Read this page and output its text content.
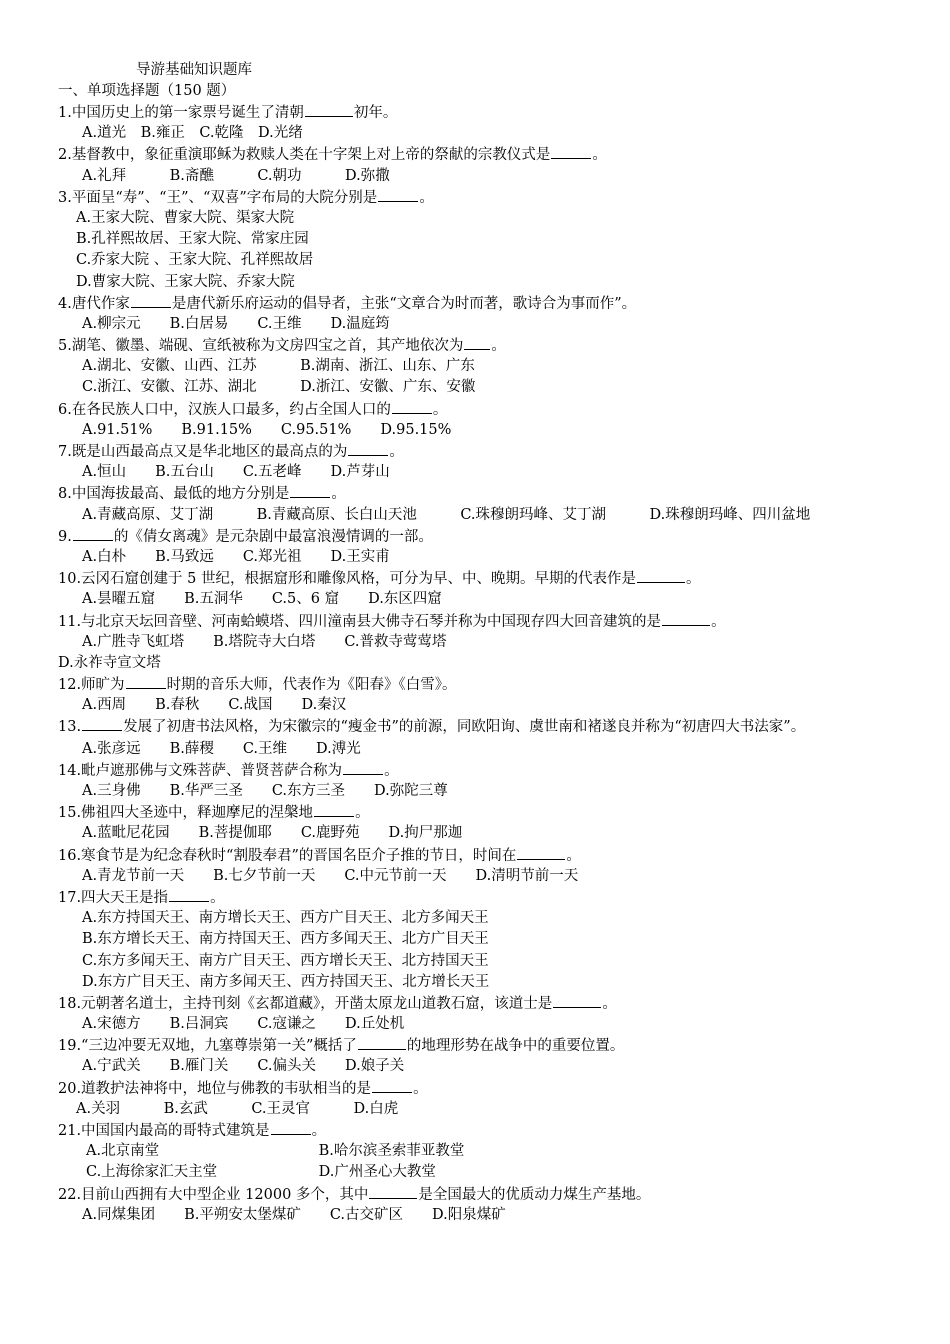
导游基础知识题库
一、单项选择题（150 题）
1.中国历史上的第一家票号诞生了清朝	初年。
A.道光　B.雍正　C.乾隆　D.光绪
2.基督教中，象征重演耶稣为救赎人类在十字架上对上帝的祭献的宗教仪式是	。
A.礼拜　　　B.斋醮　　　C.朝功　　　D.弥撒
3.平面呈“寿”、“王”、“双喜”字布局的大院分别是	。
A.王家大院、曹家大院、渠家大院
B.孔祥熙故居、王家大院、常家庄园
C.乔家大院 、王家大院、孔祥熙故居
D.曹家大院、王家大院、乔家大院
4.唐代作家	是唐代新乐府运动的倡导者，主张“文章合为时而著，歌诗合为事而作”。
A.柳宗元　　B.白居易　　C.王维　　D.温庭筠
5.湖笔、徽墨、端砚、宣纸被称为文房四宝之首，其产地依次为 。
A.湖北、安徽、山西、江苏　　　B.湖南、浙江、山东、广东
C.浙江、安徽、江苏、湖北　　　D.浙江、安徽、广东、安徽
6.在各民族人口中，汉族人口最多，约占全国人口的	。
A.91.51%　　B.91.15%　　C.95.51%　　D.95.15%
7.既是山西最高点又是华北地区的最高点的为	。
A.恒山　　B.五台山　　C.五老峰　　D.芦芽山
8.中国海拔最高、最低的地方分别是	。
A.青藏高原、艾丁湖　　　B.青藏高原、长白山天池　　　C.珠穆朗玛峰、艾丁湖　　　D.珠穆朗玛峰、四川盆地
9.	的《倩女离魂》是元杂剧中最富浪漫情调的一部。
A.白朴　　B.马致远　　C.郑光祖　　D.王实甫
10.云冈石窟创建于 5 世纪，根据窟形和雕像风格，可分为早、中、晚期。早期的代表作是	。
A.昙曜五窟　　B.五洞华　　C.5、6 窟　　D.东区四窟
11.与北京天坛回音壁、河南蛤蟆塔、四川潼南县大佛寺石琴并称为中国现存四大回音建筑的是	。
A.广胜寺飞虹塔　　B.塔院寺大白塔　　C.普救寺莺莺塔
D.永祚寺宣文塔
12.师旷为	时期的音乐大师，代表作为《阳春》《白雪》。
A.西周　　B.春秋　　C.战国　　D.秦汉
13.	发展了初唐书法风格，为宋徽宗的“瘦金书”的前源，同欧阳询、虞世南和褚遂良并称为“初唐四大书法家”。
A.张彦远　　B.薛稷　　C.王维　　D.溥光
14.毗卢遮那佛与文殊菩萨、普贤菩萨合称为	。
A.三身佛　　B.华严三圣　　C.东方三圣　　D.弥陀三尊
15.佛祖四大圣迹中，释迦摩尼的涅槃地	。
A.蓝毗尼花园　　B.菩提伽耶　　C.鹿野苑　　D.拘尸那迦
16.寒食节是为纪念春秋时“割股奉君”的晋国名臣介子推的节日，时间在	。
A.青龙节前一天　　B.七夕节前一天　　C.中元节前一天　　D.清明节前一天
17.四大天王是指	。
A.东方持国天王、南方增长天王、西方广目天王、北方多闻天王
B.东方增长天王、南方持国天王、西方多闻天王、北方广目天王
C.东方多闻天王、南方广目天王、西方增长天王、北方持国天王
D.东方广目天王、南方多闻天王、西方持国天王、北方增长天王
18.元朝著名道士，主持刊刻《玄都道藏》，开凿太原龙山道教石窟，该道士是	。
A.宋德方　　B.吕洞宾　　C.寇谦之　　D.丘处机
19.“三边冲要无双地，九塞尊崇第一关”概括了	的地理形势在战争中的重要位置。
A.宁武关　　B.雁门关　　C.偏头关　　D.娘子关
20.道教护法神将中，地位与佛教的韦驮相当的是	。
A.关羽　　　B.玄武　　　C.王灵官　　　D.白虎
21.中国国内最高的哥特式建筑是	。
A.北京南堂　　　　　　　　　　　B.哈尔滨圣索菲亚教堂
C.上海徐家汇天主堂　　　　　　　D.广州圣心大教堂
22.目前山西拥有大中型企业 12000 多个，其中	是全国最大的优质动力煤生产基地。
A.同煤集团　　B.平朔安太堡煤矿　　C.古交矿区　　D.阳泉煤矿
